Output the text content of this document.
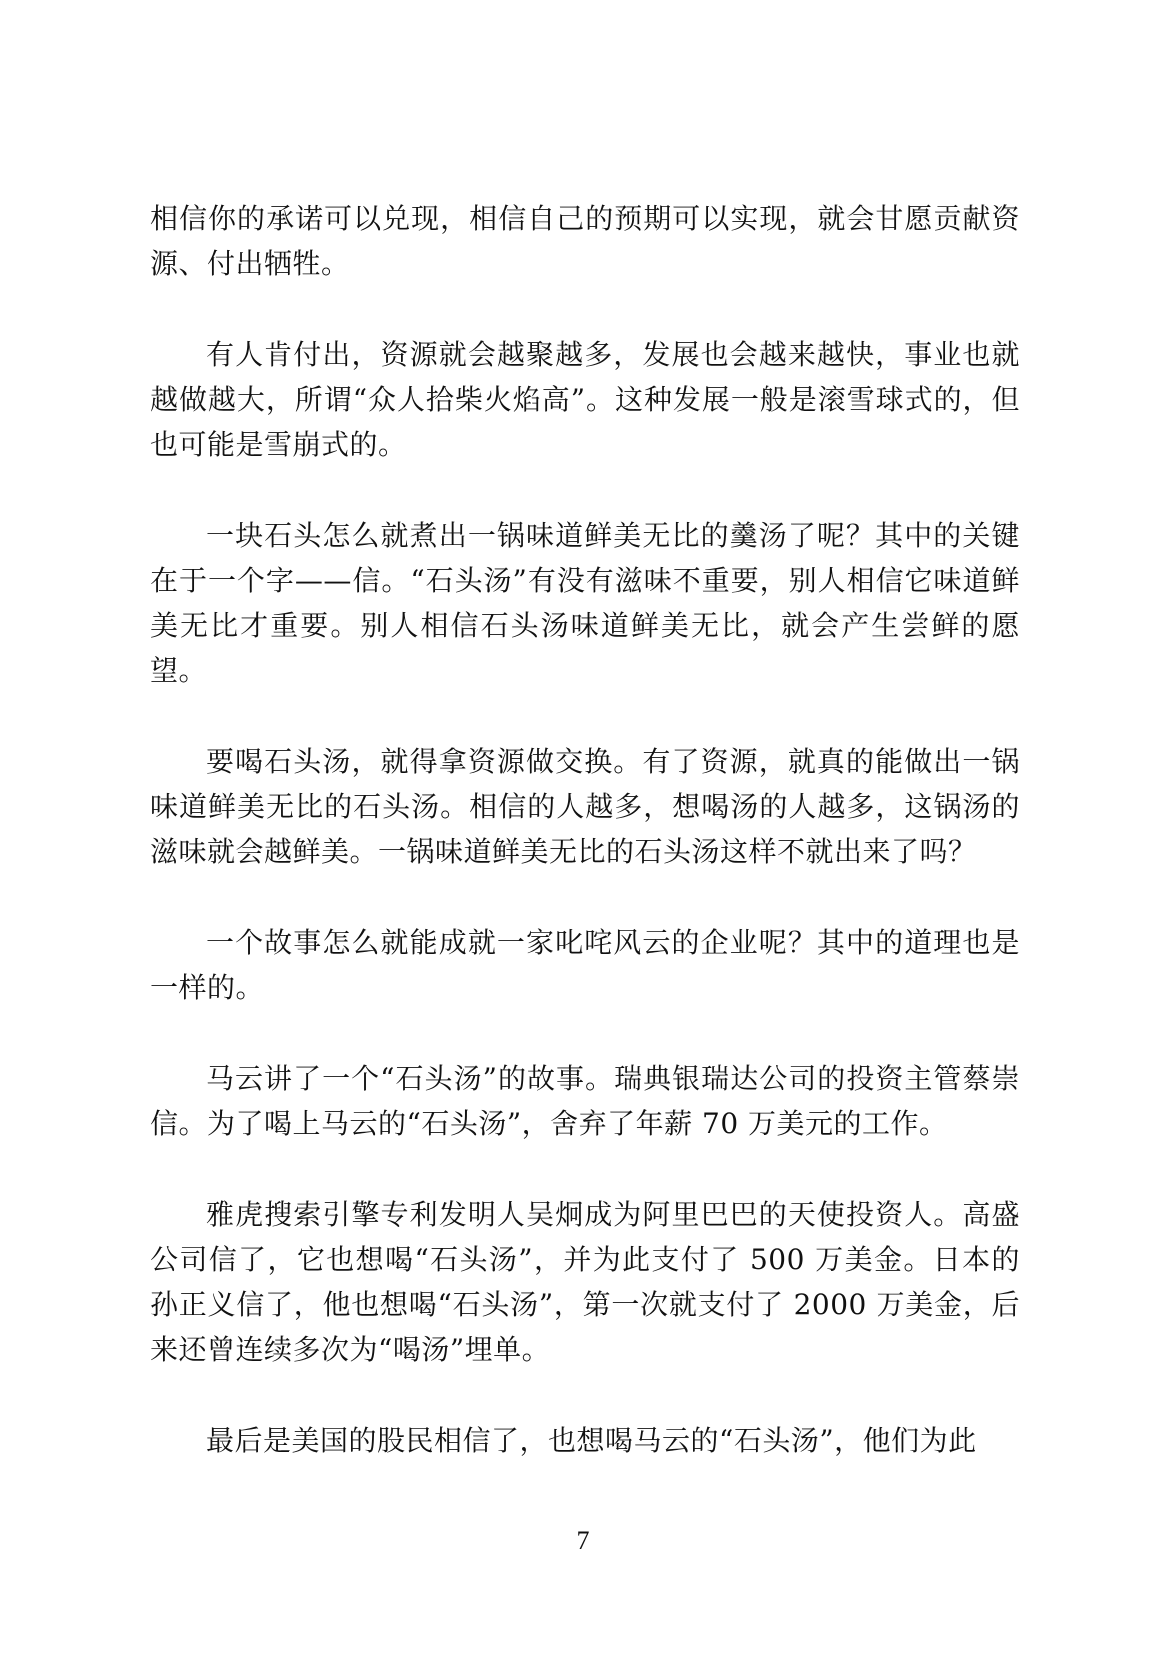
相信你的承诺可以兑现，相信自己的预期可以实现，就会甘愿贡献资源、付出牺牲。

有人肯付出，资源就会越聚越多，发展也会越来越快，事业也就越做越大，所谓“众人拾柴火焰高”。这种发展一般是滚雪球式的，但也可能是雪崩式的。

一块石头怎么就煮出一锅味道鲜美无比的羹汤了呢？其中的关键在于一个字——信。“石头汤”有没有滋味不重要，别人相信它味道鲜美无比才重要。别人相信石头汤味道鲜美无比，就会产生尝鲜的愿望。

要喝石头汤，就得拿资源做交换。有了资源，就真的能做出一锅味道鲜美无比的石头汤。相信的人越多，想喝汤的人越多，这锅汤的滋味就会越鲜美。一锅味道鲜美无比的石头汤这样不就出来了吗？

一个故事怎么就能成就一家叱咤风云的企业呢？其中的道理也是一样的。

马云讲了一个“石头汤”的故事。瑞典银瑞达公司的投资主管蔡崇信。为了喝上马云的“石头汤”，舍弃了年薪 70 万美元的工作。

雅虎搜索引擎专利发明人吴炯成为阿里巴巴的天使投资人。高盛公司信了，它也想喝“石头汤”，并为此支付了 500 万美金。日本的孙正义信了，他也想喝“石头汤”，第一次就支付了 2000 万美金，后来还曾连续多次为“喝汤”埋单。

最后是美国的股民相信了，也想喝马云的“石头汤”，他们为此

7
